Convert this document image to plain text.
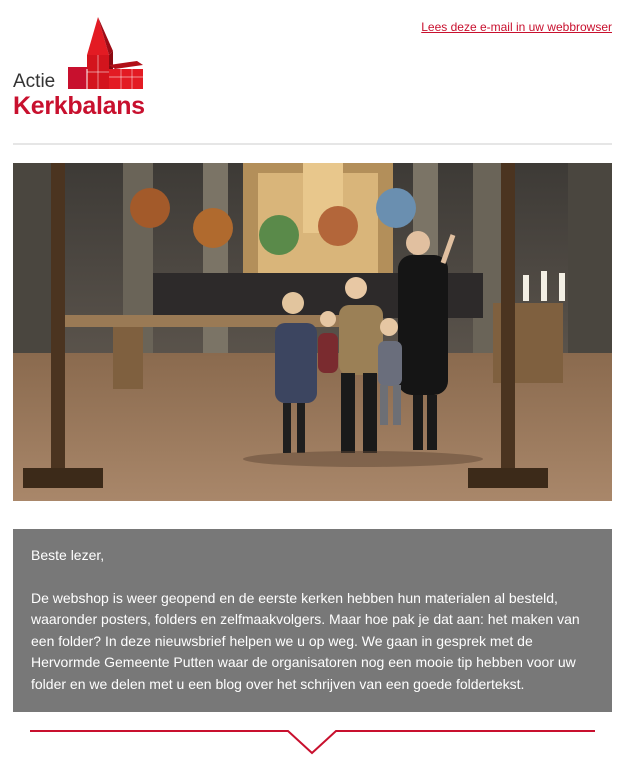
Lees deze e-mail in uw webbrowser
Actie
Kerkbalans

Beste lezer,

De webshop is weer geopend en de eerste kerken hebben hun materialen al besteld, waaronder posters, folders en zelfmaakvolgers. Maar hoe pak je dat aan: het maken van een folder? In deze nieuwsbrief helpen we u op weg. We gaan in gesprek met de Hervormde Gemeente Putten waar de organisatoren nog een mooie tip hebben voor uw folder en we delen met u een blog over het schrijven van een goede foldertekst.
